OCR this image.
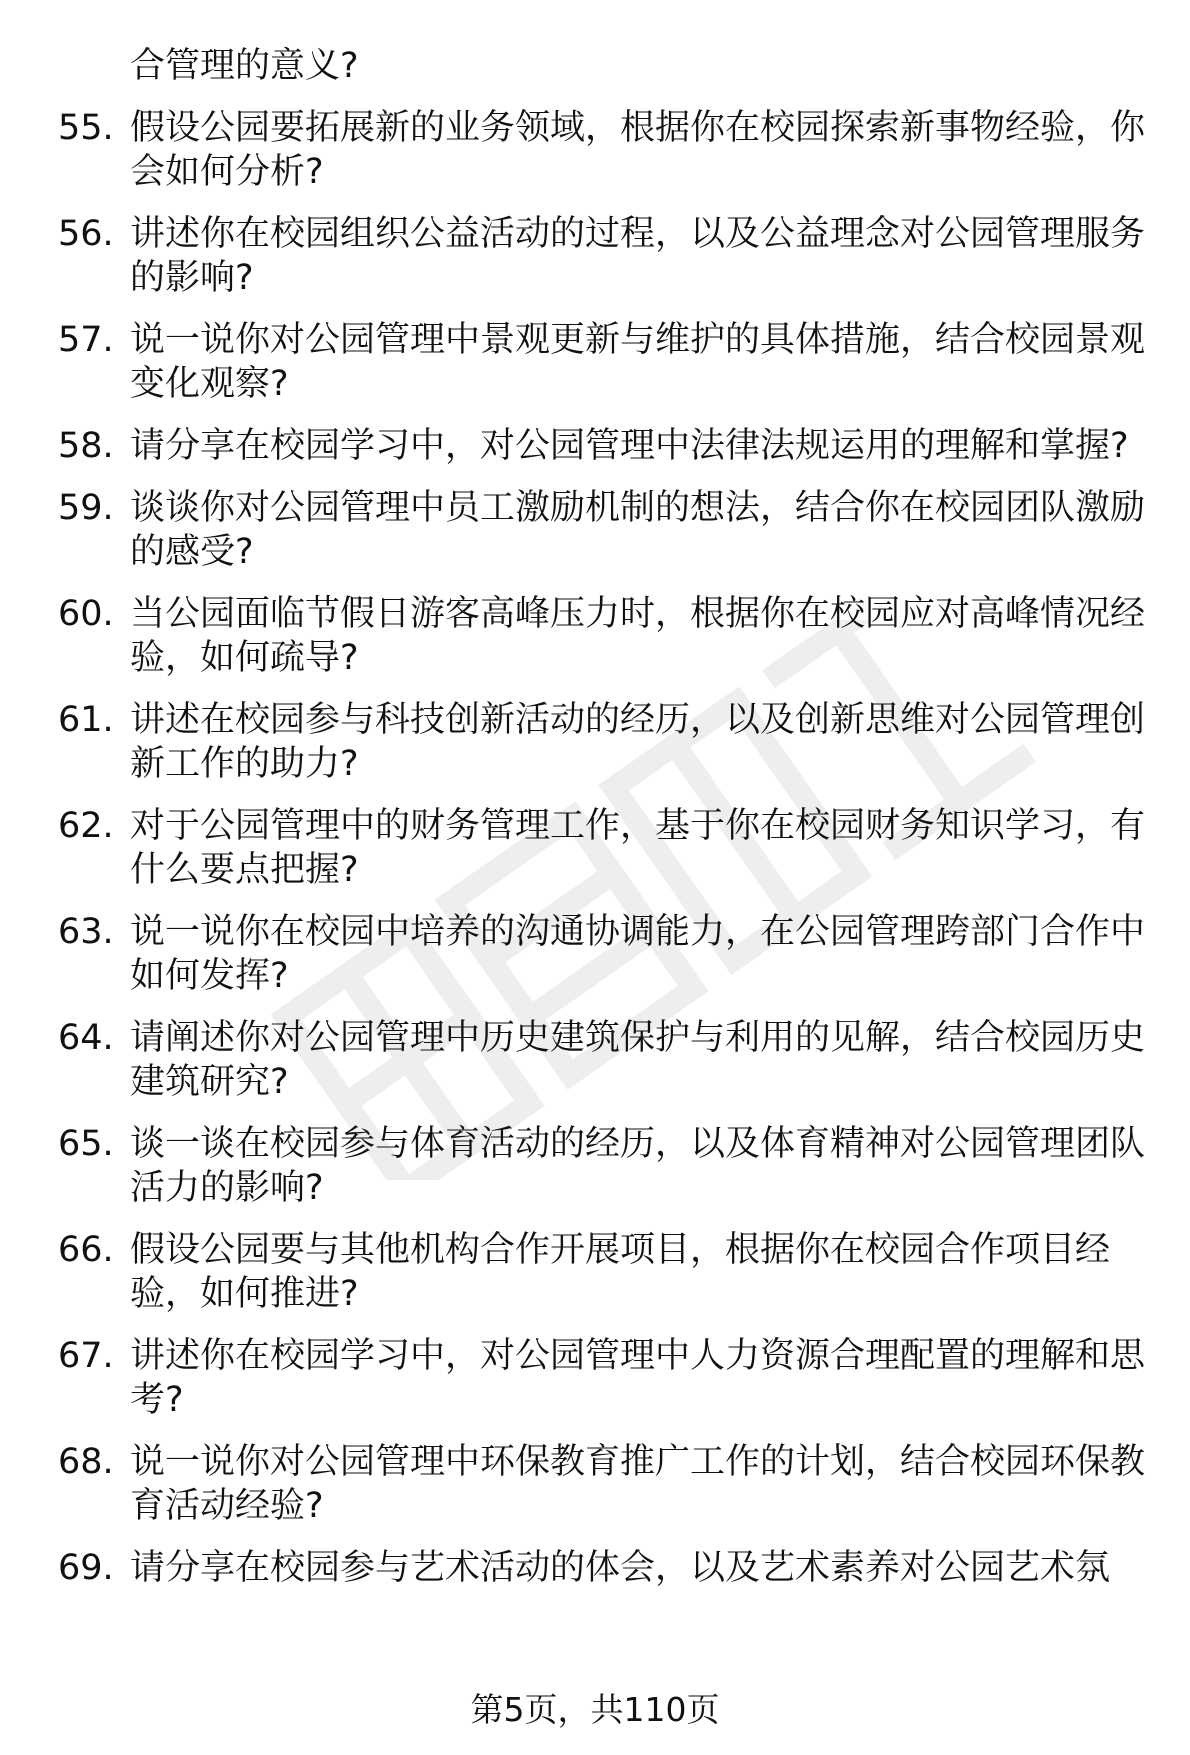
合管理的意义?

55. 假设公园要拓展新的业务领域，根据你在校园探索新事物经验，你会如何分析?
56. 讲述你在校园组织公益活动的过程，以及公益理念对公园管理服务的影响?
57. 说一说你对公园管理中景观更新与维护的具体措施，结合校园景观变化观察?
58. 请分享在校园学习中，对公园管理中法律法规运用的理解和掌握?
59. 谈谈你对公园管理中员工激励机制的想法，结合你在校园团队激励的感受?
60. 当公园面临节假日游客高峰压力时，根据你在校园应对高峰情况经验，如何疏导?
61. 讲述在校园参与科技创新活动的经历，以及创新思维对公园管理创新工作的助力?
62. 对于公园管理中的财务管理工作，基于你在校园财务知识学习，有什么要点把握?
63. 说一说你在校园中培养的沟通协调能力，在公园管理跨部门合作中如何发挥?
64. 请阐述你对公园管理中历史建筑保护与利用的见解，结合校园历史建筑研究?
65. 谈一谈在校园参与体育活动的经历，以及体育精神对公园管理团队活力的影响?
66. 假设公园要与其他机构合作开展项目，根据你在校园合作项目经验，如何推进?
67. 讲述你在校园学习中，对公园管理中人力资源合理配置的理解和思考?
68. 说一说你对公园管理中环保教育推广工作的计划，结合校园环保教育活动经验?
69. 请分享在校园参与艺术活动的体会，以及艺术素养对公园艺术氛

第5页，共110页
